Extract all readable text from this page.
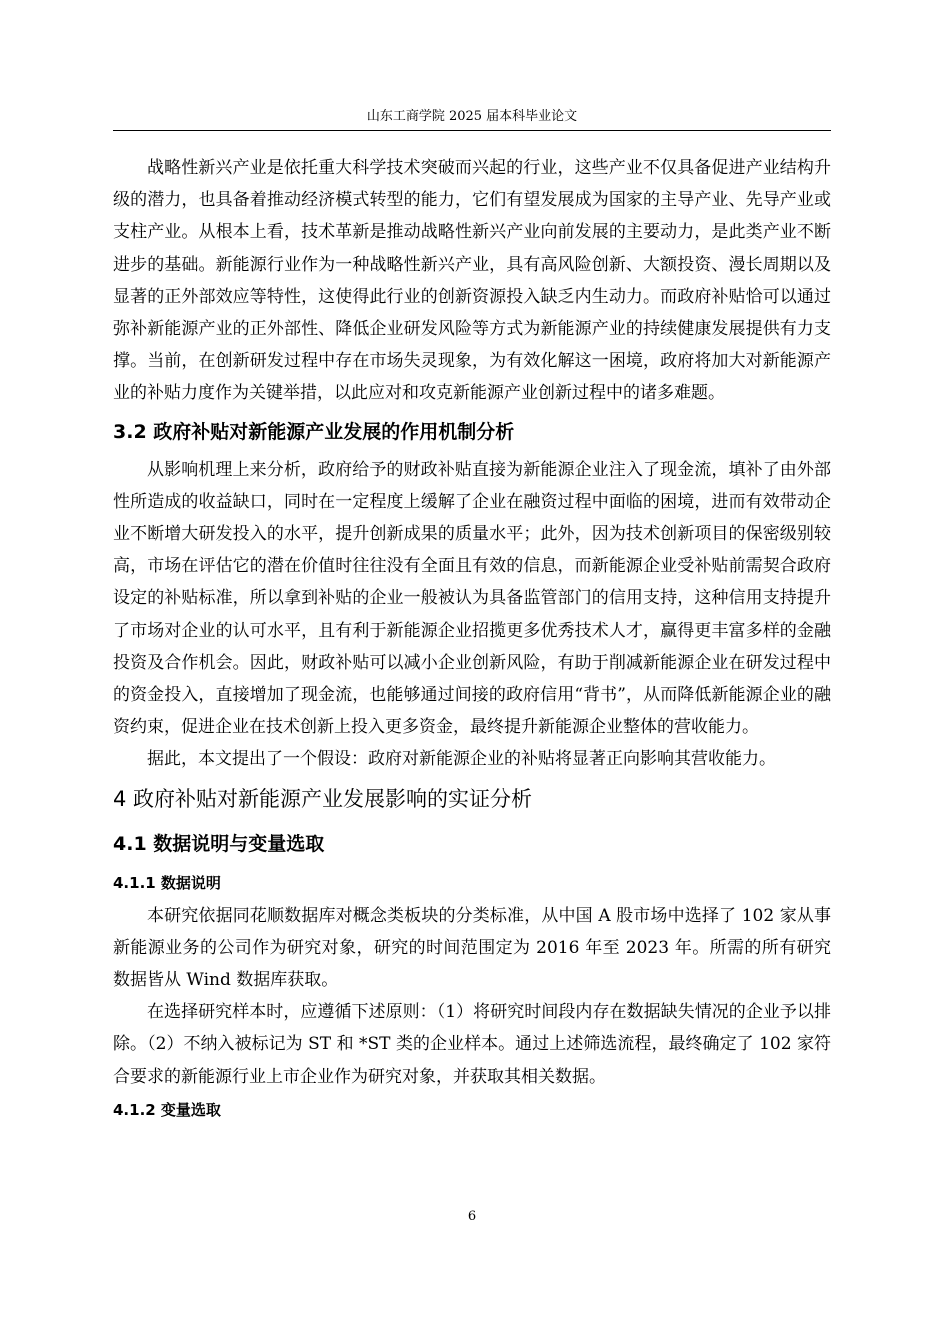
山东工商学院 2025 届本科毕业论文

战略性新兴产业是依托重大科学技术突破而兴起的行业，这些产业不仅具备促进产业结构升级的潜力，也具备着推动经济模式转型的能力，它们有望发展成为国家的主导产业、先导产业或支柱产业。从根本上看，技术革新是推动战略性新兴产业向前发展的主要动力，是此类产业不断进步的基础。新能源行业作为一种战略性新兴产业，具有高风险创新、大额投资、漫长周期以及显著的正外部效应等特性，这使得此行业的创新资源投入缺乏内生动力。而政府补贴恰可以通过弥补新能源产业的正外部性、降低企业研发风险等方式为新能源产业的持续健康发展提供有力支撑。当前，在创新研发过程中存在市场失灵现象，为有效化解这一困境，政府将加大对新能源产业的补贴力度作为关键举措，以此应对和攻克新能源产业创新过程中的诸多难题。

3.2 政府补贴对新能源产业发展的作用机制分析

从影响机理上来分析，政府给予的财政补贴直接为新能源企业注入了现金流，填补了由外部性所造成的收益缺口，同时在一定程度上缓解了企业在融资过程中面临的困境，进而有效带动企业不断增大研发投入的水平，提升创新成果的质量水平；此外，因为技术创新项目的保密级别较高，市场在评估它的潜在价值时往往没有全面且有效的信息，而新能源企业受补贴前需契合政府设定的补贴标准，所以拿到补贴的企业一般被认为具备监管部门的信用支持，这种信用支持提升了市场对企业的认可水平，且有利于新能源企业招揽更多优秀技术人才，赢得更丰富多样的金融投资及合作机会。因此，财政补贴可以减小企业创新风险，有助于削减新能源企业在研发过程中的资金投入，直接增加了现金流，也能够通过间接的政府信用“背书”，从而降低新能源企业的融资约束，促进企业在技术创新上投入更多资金，最终提升新能源企业整体的营收能力。

据此，本文提出了一个假设：政府对新能源企业的补贴将显著正向影响其营收能力。

4 政府补贴对新能源产业发展影响的实证分析
4.1 数据说明与变量选取
4.1.1 数据说明

本研究依据同花顺数据库对概念类板块的分类标准，从中国 A 股市场中选择了 102 家从事新能源业务的公司作为研究对象，研究的时间范围定为 2016 年至 2023 年。所需的所有研究数据皆从 Wind 数据库获取。

在选择研究样本时，应遵循下述原则：（1）将研究时间段内存在数据缺失情况的企业予以排除。（2）不纳入被标记为 ST 和 *ST 类的企业样本。通过上述筛选流程，最终确定了 102 家符合要求的新能源行业上市企业作为研究对象，并获取其相关数据。

4.1.2 变量选取
6
